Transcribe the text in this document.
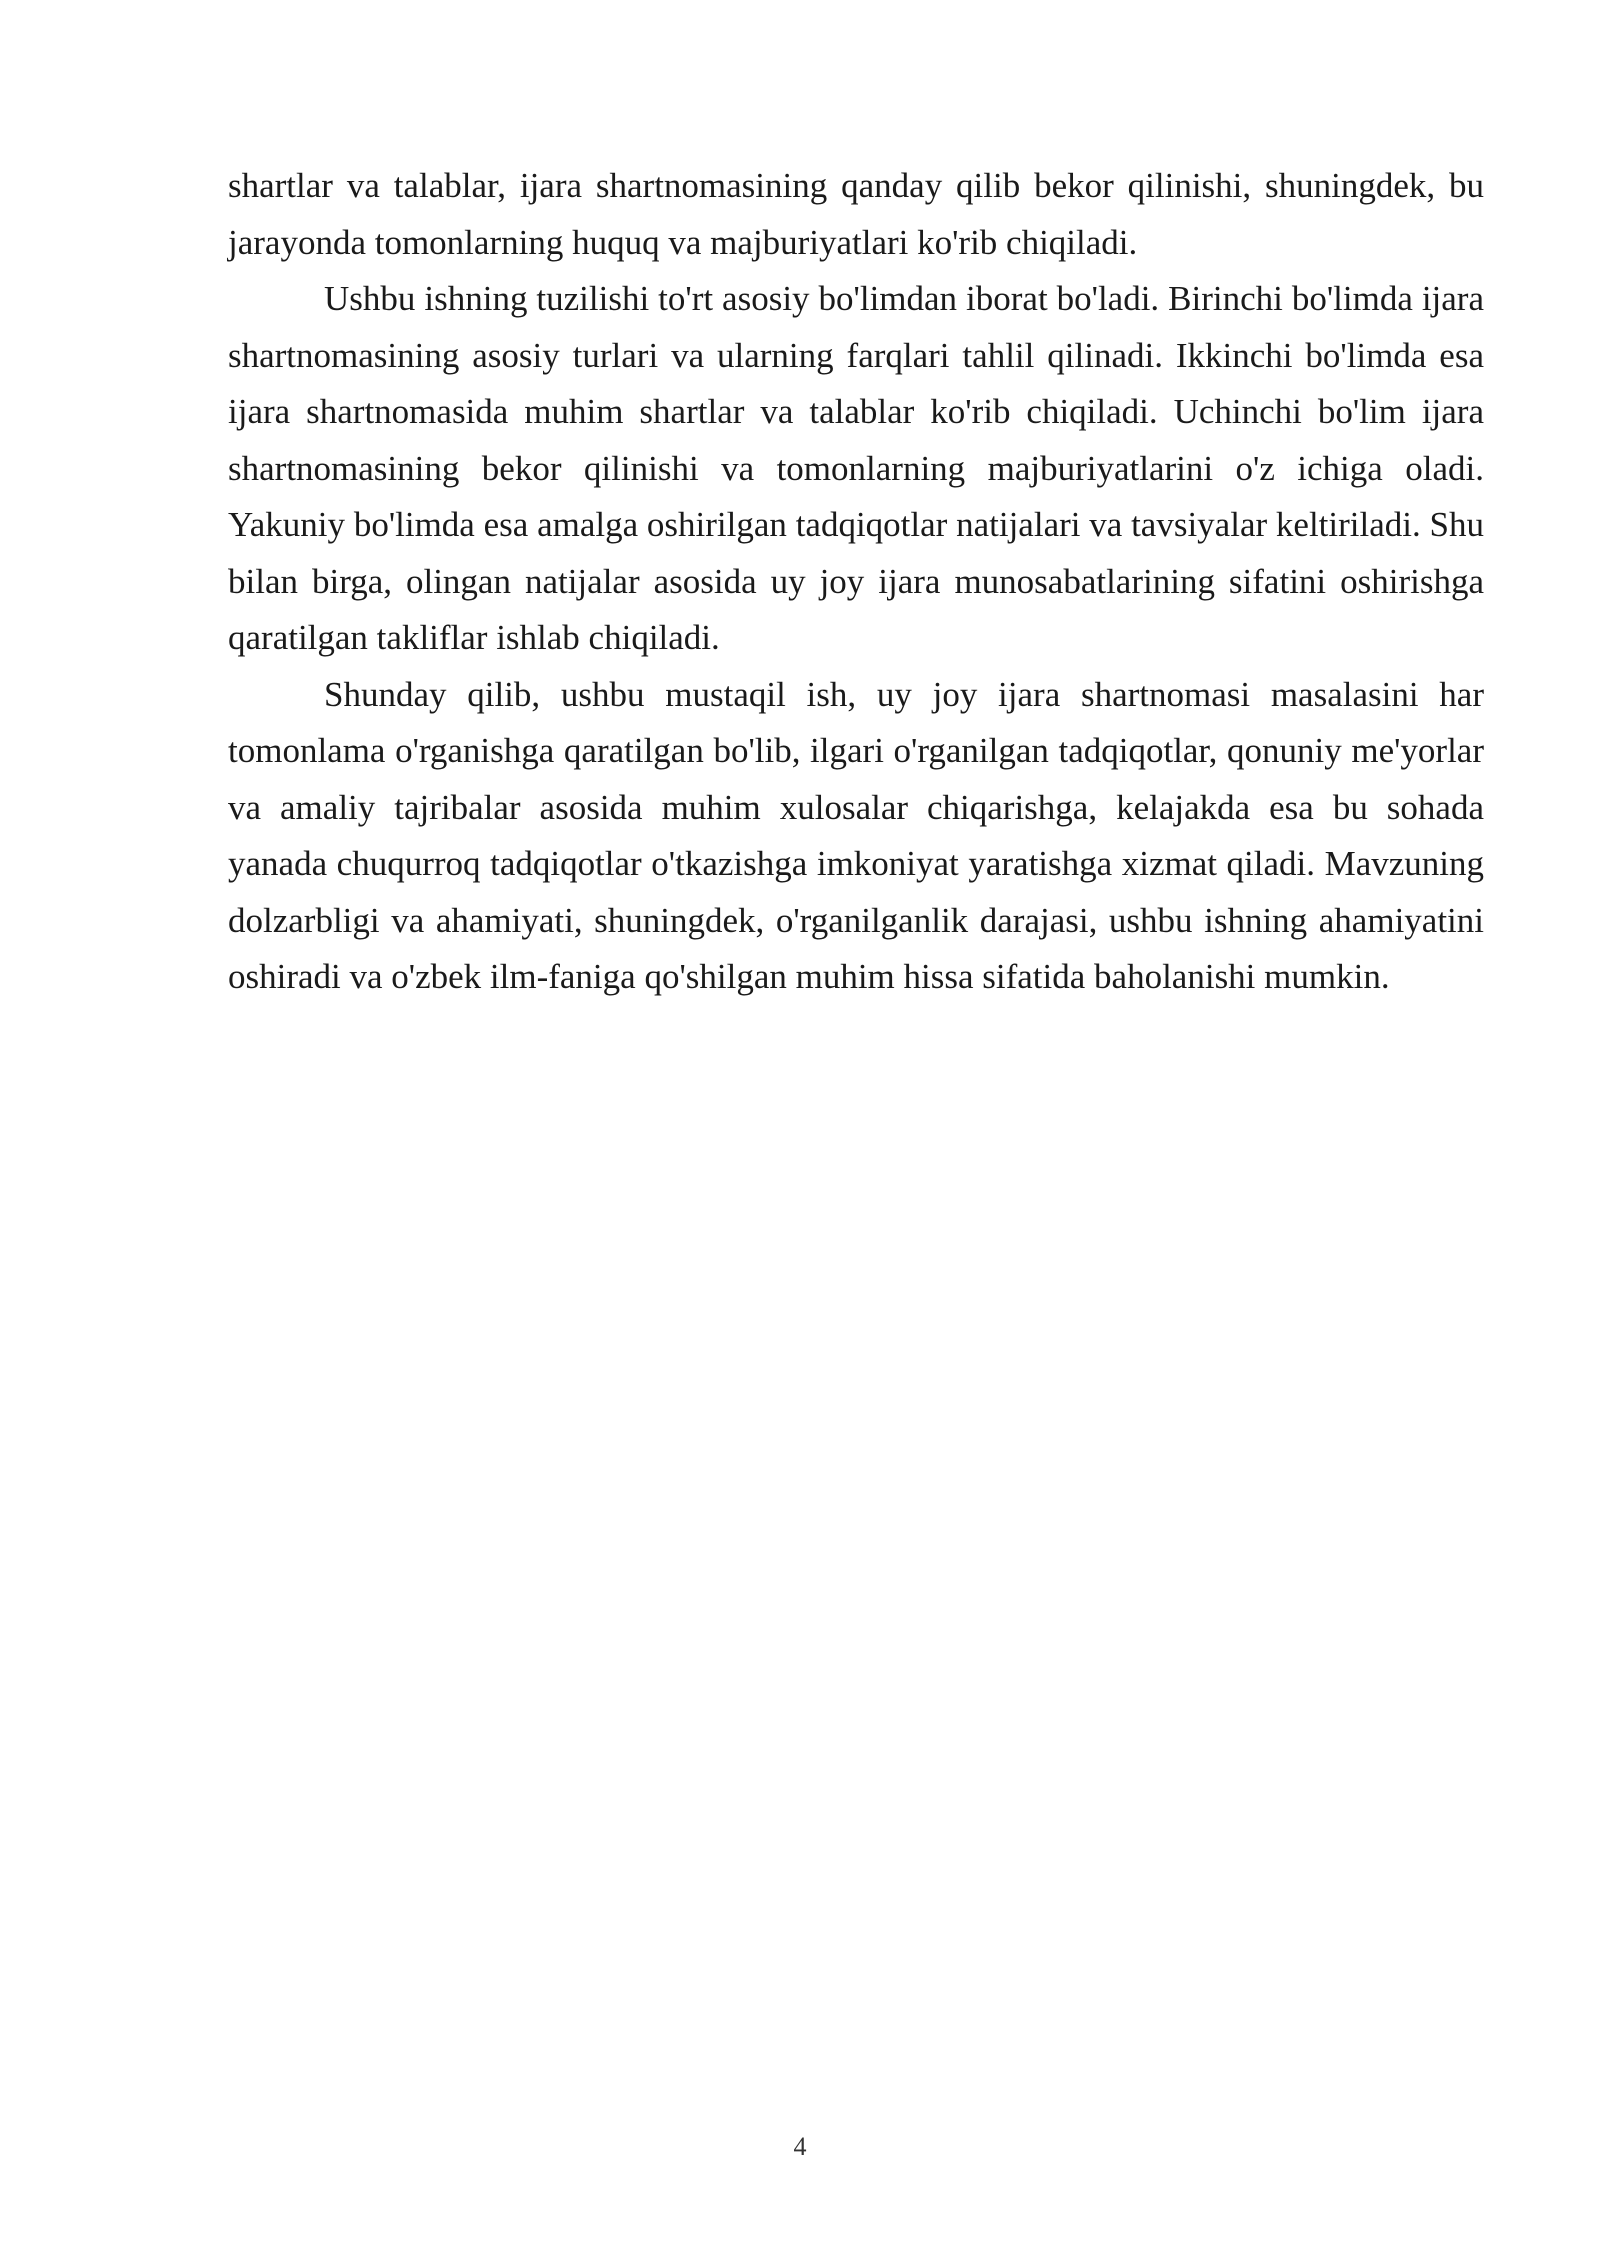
shartlar va talablar, ijara shartnomasining qanday qilib bekor qilinishi, shuningdek, bu jarayonda tomonlarning huquq va majburiyatlari ko'rib chiqiladi.

Ushbu ishning tuzilishi to'rt asosiy bo'limdan iborat bo'ladi. Birinchi bo'limda ijara shartnomasining asosiy turlari va ularning farqlari tahlil qilinadi. Ikkinchi bo'limda esa ijara shartnomasida muhim shartlar va talablar ko'rib chiqiladi. Uchinchi bo'lim ijara shartnomasining bekor qilinishi va tomonlarning majburiyatlarini o'z ichiga oladi. Yakuniy bo'limda esa amalga oshirilgan tadqiqotlar natijalari va tavsiyalar keltiriladi. Shu bilan birga, olingan natijalar asosida uy joy ijara munosabatlarining sifatini oshirishga qaratilgan takliflar ishlab chiqiladi.

Shunday qilib, ushbu mustaqil ish, uy joy ijara shartnomasi masalasini har tomonlama o'rganishga qaratilgan bo'lib, ilgari o'rganilgan tadqiqotlar, qonuniy me'yorlar va amaliy tajribalar asosida muhim xulosalar chiqarishga, kelajakda esa bu sohada yanada chuqurroq tadqiqotlar o'tkazishga imkoniyat yaratishga xizmat qiladi. Mavzuning dolzarbligi va ahamiyati, shuningdek, o'rganilganlik darajasi, ushbu ishning ahamiyatini oshiradi va o'zbek ilm-faniga qo'shilgan muhim hissa sifatida baholanishi mumkin.

4
